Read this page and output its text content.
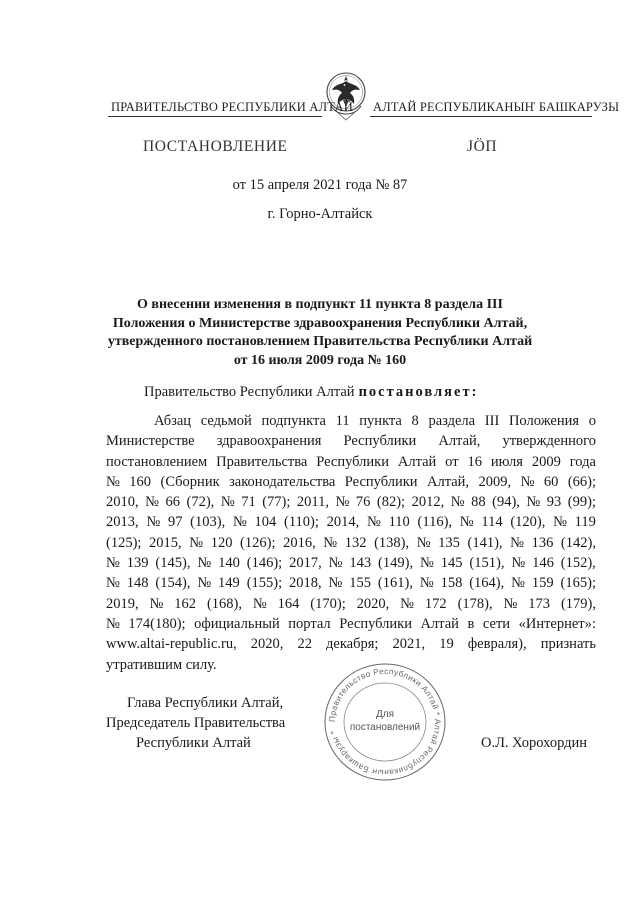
ПРАВИТЕЛЬСТВО РЕСПУБЛИКИ АЛТАЙ АЛТАЙ РЕСПУБЛИКАНЫҤ БАШКАРУЗЫ
ПОСТАНОВЛЕНИЕ	ЈӦП
от 15 апреля 2021 года № 87
г. Горно-Алтайск
О внесении изменения в подпункт 11 пункта 8 раздела III
Положения о Министерстве здравоохранения Республики Алтай,
утвержденного постановлением Правительства Республики Алтай
от 16 июля 2009 года № 160
Правительство Республики Алтай постановляет:
Абзац седьмой подпункта 11 пункта 8 раздела III Положения о
Министерстве здравоохранения Республики Алтай, утвержденного
постановлением Правительства Республики Алтай от 16 июля 2009 года
№ 160 (Сборник законодательства Республики Алтай, 2009, № 60 (66);
2010, № 66 (72), № 71 (77); 2011, № 76 (82); 2012, № 88 (94), № 93 (99);
2013, № 97 (103), № 104 (110); 2014, № 110 (116), № 114 (120), № 119
(125); 2015, № 120 (126); 2016, № 132 (138), № 135 (141), № 136 (142),
№ 139 (145), № 140 (146); 2017, № 143 (149), № 145 (151), № 146 (152),
№ 148 (154), № 149 (155); 2018, № 155 (161), № 158 (164), № 159 (165);
2019, № 162 (168), № 164 (170); 2020, № 172 (178), № 173 (179),
№ 174(180); официальный портал Республики Алтай в сети «Интернет»:
www.altai-republic.ru, 2020, 22 декабря; 2021, 19 февраля), признать
утратившим силу.
Глава Республики Алтай,
Председатель Правительства
Республики Алтай	О.Л. Хорохордин
Правительство Республики Алтай * Алтай Республиканыҥ Башкарузы *
Для
постановлений
